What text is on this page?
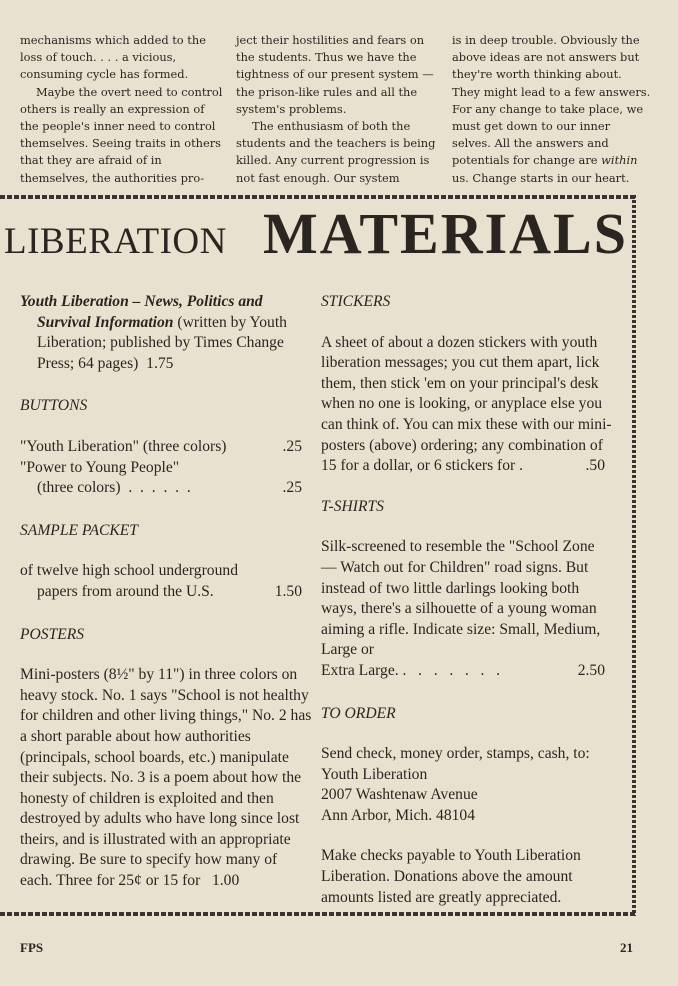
mechanisms which added to the loss of touch. . . . a vicious, consuming cycle has formed.

Maybe the overt need to control others is really an expression of the people's inner need to control themselves. Seeing traits in others that they are afraid of in themselves, the authorities pro-

ject their hostilities and fears on the students. Thus we have the tightness of our present system — the prison-like rules and all the system's problems.

The enthusiasm of both the students and the teachers is being killed. Any current progression is not fast enough. Our system

is in deep trouble. Obviously the above ideas are not answers but they're worth thinking about. They might lead to a few answers. For any change to take place, we must get down to our inner selves. All the answers and potentials for change are within us. Change starts in our heart.

LIBERATION MATERIALS
Youth Liberation – News, Politics and Survival Information (written by Youth Liberation; published by Times Change Press; 64 pages) 1.75

BUTTONS

"Youth Liberation" (three colors)	.25
"Power to Young People"
(three colors)  .  .  .  .  .  .	.25

SAMPLE PACKET

of twelve high school underground
papers from around the U.S.	1.50

POSTERS

Mini-posters (8½" by 11") in three colors on heavy stock. No. 1 says "School is not healthy for children and other living things," No. 2 has a short parable about how authorities (principals, school boards, etc.) manipulate their subjects. No. 3 is a poem about how the honesty of children is exploited and then destroyed by adults who have long since lost theirs, and is illustrated with an appropriate drawing. Be sure to specify how many of each. Three for 25¢ or 15 for 1.00

STICKERS

A sheet of about a dozen stickers with youth liberation messages; you cut them apart, lick them, then stick 'em on your principal's desk when no one is looking, or anyplace else you can think of. You can mix these with our mini-posters (above) ordering; any combination of 15 for a dollar, or 6 stickers for .	.50

T-SHIRTS

Silk-screened to resemble the "School Zone — Watch out for Children" road signs. But instead of two little darlings looking both ways, there's a silhouette of a young woman aiming a rifle. Indicate size: Small, Medium, Large or
Extra Large. .   .   .   .   .   .   .	2.50

TO ORDER

Send check, money order, stamps, cash, to:
Youth Liberation
2007 Washtenaw Avenue
Ann Arbor, Mich. 48104
Make checks payable to Youth Liberation Liberation. Donations above the amount amounts listed are greatly appreciated.
FPS	21
